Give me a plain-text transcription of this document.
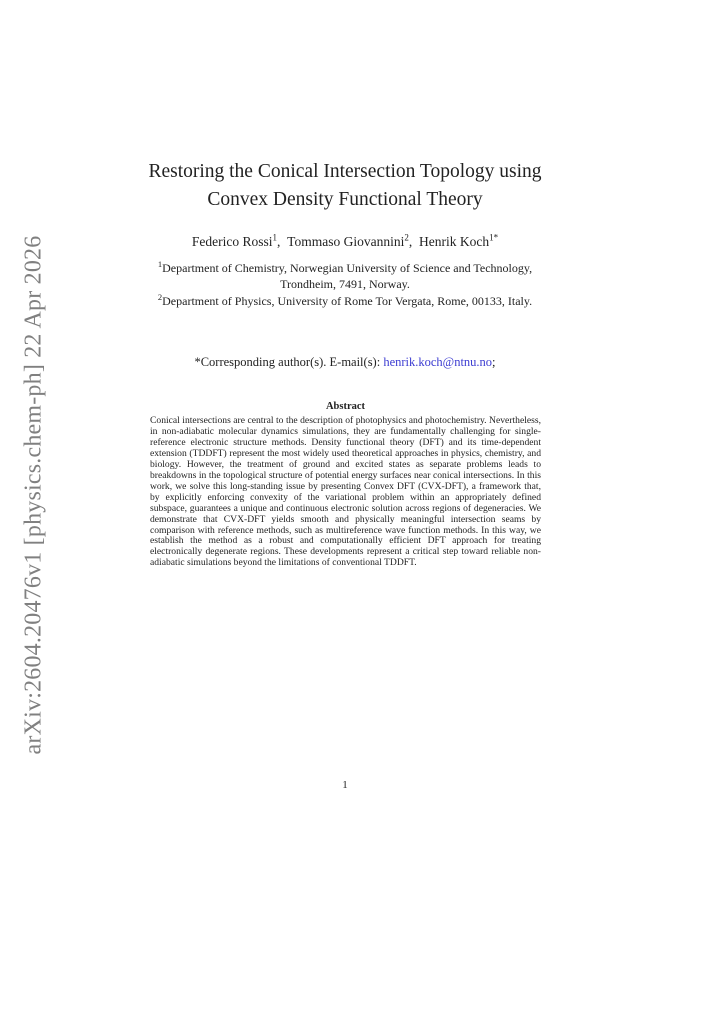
arXiv:2604.20476v1 [physics.chem-ph] 22 Apr 2026
Restoring the Conical Intersection Topology using
Convex Density Functional Theory
Federico Rossi$^1$,  Tommaso Giovannini$^2$,  Henrik Koch$^{1*}$
$^1$Department of Chemistry, Norwegian University of Science and Technology, Trondheim, 7491, Norway.
$^2$Department of Physics, University of Rome Tor Vergata, Rome, 00133, Italy.
*Corresponding author(s). E-mail(s): henrik.koch@ntnu.no;
Abstract
Conical intersections are central to the description of photophysics and photochemistry. Nevertheless, in non-adiabatic molecular dynamics simulations, they are fundamentally challenging for single-reference electronic structure methods. Density functional theory (DFT) and its time-dependent extension (TDDFT) represent the most widely used theoretical approaches in physics, chemistry, and biology. However, the treatment of ground and excited states as separate problems leads to breakdowns in the topological structure of potential energy surfaces near conical intersections. In this work, we solve this long-standing issue by presenting Convex DFT (CVX-DFT), a framework that, by explicitly enforcing convexity of the variational problem within an appropriately defined subspace, guarantees a unique and continuous electronic solution across regions of degeneracies. We demonstrate that CVX-DFT yields smooth and physically meaningful intersection seams by comparison with reference methods, such as multireference wave function methods. In this way, we establish the method as a robust and computationally efficient DFT approach for treating electronically degenerate regions. These developments represent a critical step toward reliable non-adiabatic simulations beyond the limitations of conventional TDDFT.
1
